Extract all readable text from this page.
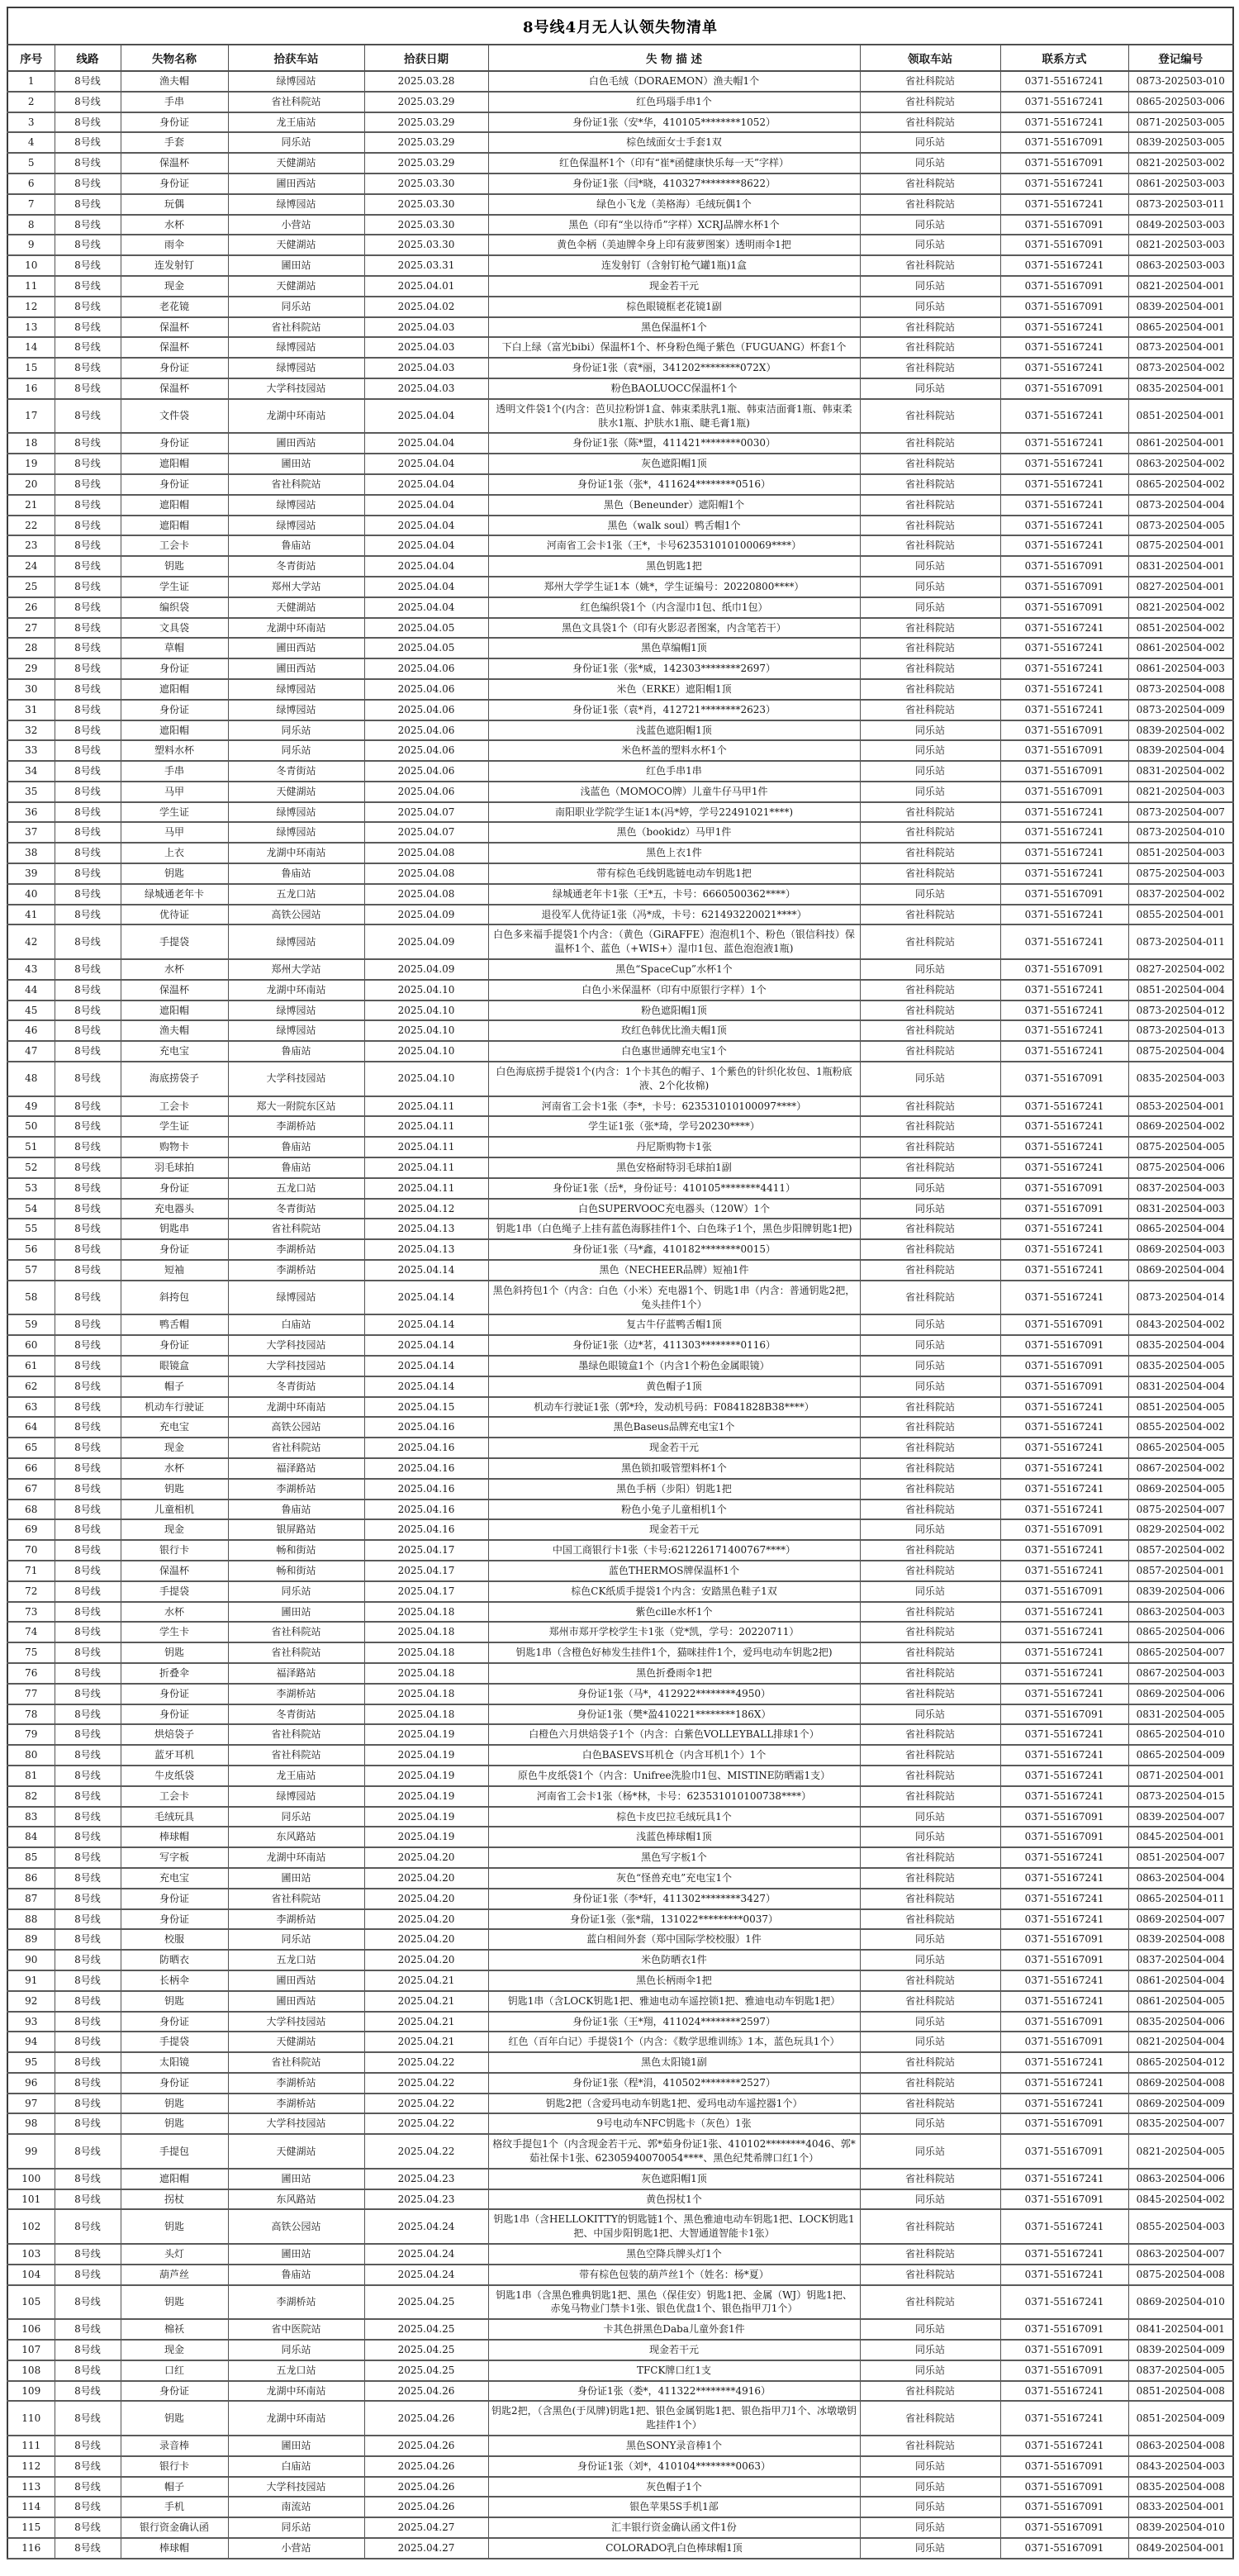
8号线4月无人认领失物清单
序号	线路	失物名称	拾获车站	拾获日期	失 物 描 述	领取车站	联系方式	登记编号
1	8号线	渔夫帽	绿博园站	2025.03.28	白色毛绒（DORAEMON）渔夫帽1个	省社科院站	0371-55167241	0873-202503-010
2	8号线	手串	省社科院站	2025.03.29	红色玛瑙手串1个	省社科院站	0371-55167241	0865-202503-006
3	8号线	身份证	龙王庙站	2025.03.29	身份证1张（安*华，410105********1052）	省社科院站	0371-55167241	0871-202503-005
4	8号线	手套	同乐站	2025.03.29	棕色绒面女士手套1双	同乐站	0371-55167091	0839-202503-005
5	8号线	保温杯	天健湖站	2025.03.29	红色保温杯1个（印有“崔*函健康快乐每一天”字样）	同乐站	0371-55167091	0821-202503-002
6	8号线	身份证	圃田西站	2025.03.30	身份证1张（闫*晓，410327********8622）	省社科院站	0371-55167241	0861-202503-003
7	8号线	玩偶	绿博园站	2025.03.30	绿色小飞龙（美格海）毛绒玩偶1个	省社科院站	0371-55167241	0873-202503-011
8	8号线	水杯	小营站	2025.03.30	黑色（印有“坐以待币”字样）XCRJ品牌水杯1个	同乐站	0371-55167091	0849-202503-003
9	8号线	雨伞	天健湖站	2025.03.30	黄色伞柄（美迪牌伞身上印有菠萝图案）透明雨伞1把	同乐站	0371-55167091	0821-202503-003
10	8号线	连发射钉	圃田站	2025.03.31	连发射钉（含射钉枪气罐1瓶)1盒	省社科院站	0371-55167241	0863-202503-003
11	8号线	现金	天健湖站	2025.04.01	现金若干元	同乐站	0371-55167091	0821-202504-001
12	8号线	老花镜	同乐站	2025.04.02	棕色眼镜框老花镜1副	同乐站	0371-55167091	0839-202504-001
13	8号线	保温杯	省社科院站	2025.04.03	黑色保温杯1个	省社科院站	0371-55167241	0865-202504-001
14	8号线	保温杯	绿博园站	2025.04.03	下白上绿（富光bibi）保温杯1个、杯身粉色绳子紫色（FUGUANG）杯套1个	省社科院站	0371-55167241	0873-202504-001
15	8号线	身份证	绿博园站	2025.04.03	身份证1张（袁*丽，341202********072X）	省社科院站	0371-55167241	0873-202504-002
16	8号线	保温杯	大学科技园站	2025.04.03	粉色BAOLUOCC保温杯1个	同乐站	0371-55167091	0835-202504-001
17	8号线	文件袋	龙湖中环南站	2025.04.04	透明文件袋1个(内含：芭贝拉粉饼1盒、韩束柔肤乳1瓶、韩束洁面膏1瓶、韩束柔肤水1瓶、护肤水1瓶、睫毛膏1瓶)	省社科院站	0371-55167241	0851-202504-001
18	8号线	身份证	圃田西站	2025.04.04	身份证1张（陈*盟，411421********0030）	省社科院站	0371-55167241	0861-202504-001
19	8号线	遮阳帽	圃田站	2025.04.04	灰色遮阳帽1顶	省社科院站	0371-55167241	0863-202504-002
20	8号线	身份证	省社科院站	2025.04.04	身份证1张（张*，411624********0516）	省社科院站	0371-55167241	0865-202504-002
21	8号线	遮阳帽	绿博园站	2025.04.04	黑色（Beneunder）遮阳帽1个	省社科院站	0371-55167241	0873-202504-004
22	8号线	遮阳帽	绿博园站	2025.04.04	黑色（walk soul）鸭舌帽1个	省社科院站	0371-55167241	0873-202504-005
23	8号线	工会卡	鲁庙站	2025.04.04	河南省工会卡1张（王*，卡号623531010100069****）	省社科院站	0371-55167241	0875-202504-001
24	8号线	钥匙	冬青街站	2025.04.04	黑色钥匙1把	同乐站	0371-55167091	0831-202504-001
25	8号线	学生证	郑州大学站	2025.04.04	郑州大学学生证1本（姚*，学生证编号：20220800****）	同乐站	0371-55167091	0827-202504-001
26	8号线	编织袋	天健湖站	2025.04.04	红色编织袋1个（内含湿巾1包、纸巾1包）	同乐站	0371-55167091	0821-202504-002
27	8号线	文具袋	龙湖中环南站	2025.04.05	黑色文具袋1个（印有火影忍者图案，内含笔若干）	省社科院站	0371-55167241	0851-202504-002
28	8号线	草帽	圃田西站	2025.04.05	黑色草编帽1顶	省社科院站	0371-55167241	0861-202504-002
29	8号线	身份证	圃田西站	2025.04.06	身份证1张（张*威，142303********2697）	省社科院站	0371-55167241	0861-202504-003
30	8号线	遮阳帽	绿博园站	2025.04.06	米色（ERKE）遮阳帽1顶	省社科院站	0371-55167241	0873-202504-008
31	8号线	身份证	绿博园站	2025.04.06	身份证1张（袁*肖，412721********2623）	省社科院站	0371-55167241	0873-202504-009
32	8号线	遮阳帽	同乐站	2025.04.06	浅蓝色遮阳帽1顶	同乐站	0371-55167091	0839-202504-002
33	8号线	塑料水杯	同乐站	2025.04.06	米色杯盖的塑料水杯1个	同乐站	0371-55167091	0839-202504-004
34	8号线	手串	冬青街站	2025.04.06	红色手串1串	同乐站	0371-55167091	0831-202504-002
35	8号线	马甲	天健湖站	2025.04.06	浅蓝色（MOMOCO牌）儿童牛仔马甲1件	同乐站	0371-55167091	0821-202504-003
36	8号线	学生证	绿博园站	2025.04.07	南阳职业学院学生证1本(冯*婷，学号22491021****)	省社科院站	0371-55167241	0873-202504-007
37	8号线	马甲	绿博园站	2025.04.07	黑色（bookidz）马甲1件	省社科院站	0371-55167241	0873-202504-010
38	8号线	上衣	龙湖中环南站	2025.04.08	黑色上衣1件	省社科院站	0371-55167241	0851-202504-003
39	8号线	钥匙	鲁庙站	2025.04.08	带有棕色毛线钥匙链电动车钥匙1把	省社科院站	0371-55167241	0875-202504-003
40	8号线	绿城通老年卡	五龙口站	2025.04.08	绿城通老年卡1张（王*五，卡号：6660500362****）	同乐站	0371-55167091	0837-202504-002
41	8号线	优待证	高铁公园站	2025.04.09	退役军人优待证1张（冯*成，卡号：621493220021****）	省社科院站	0371-55167241	0855-202504-001
42	8号线	手提袋	绿博园站	2025.04.09	白色多来福手提袋1个内含：（黄色（GiRAFFE）泡泡机1个、粉色（银信科技）保温杯1个、蓝色（+WIS+）湿巾1包、蓝色泡泡液1瓶)	省社科院站	0371-55167241	0873-202504-011
43	8号线	水杯	郑州大学站	2025.04.09	黑色“SpaceCup”水杯1个	同乐站	0371-55167091	0827-202504-002
44	8号线	保温杯	龙湖中环南站	2025.04.10	白色小米保温杯（印有中原银行字样）1个	省社科院站	0371-55167241	0851-202504-004
45	8号线	遮阳帽	绿博园站	2025.04.10	粉色遮阳帽1顶	省社科院站	0371-55167241	0873-202504-012
46	8号线	渔夫帽	绿博园站	2025.04.10	玫红色韩优比渔夫帽1顶	省社科院站	0371-55167241	0873-202504-013
47	8号线	充电宝	鲁庙站	2025.04.10	白色惠世通牌充电宝1个	省社科院站	0371-55167241	0875-202504-004
48	8号线	海底捞袋子	大学科技园站	2025.04.10	白色海底捞手提袋1个(内含：1个卡其色的帽子、1个紫色的针织化妆包、1瓶粉底液、2个化妆棉)	同乐站	0371-55167091	0835-202504-003
49	8号线	工会卡	郑大一附院东区站	2025.04.11	河南省工会卡1张（李*，卡号：623531010100097****）	省社科院站	0371-55167241	0853-202504-001
50	8号线	学生证	李湖桥站	2025.04.11	学生证1张（张*琦，学号20230****）	省社科院站	0371-55167241	0869-202504-002
51	8号线	购物卡	鲁庙站	2025.04.11	丹尼斯购物卡1张	省社科院站	0371-55167241	0875-202504-005
52	8号线	羽毛球拍	鲁庙站	2025.04.11	黑色安格耐特羽毛球拍1副	省社科院站	0371-55167241	0875-202504-006
53	8号线	身份证	五龙口站	2025.04.11	身份证1张（岳*，身份证号：410105********4411）	同乐站	0371-55167091	0837-202504-003
54	8号线	充电器头	冬青街站	2025.04.12	白色SUPERVOOC充电器头（120W）1个	同乐站	0371-55167091	0831-202504-003
55	8号线	钥匙串	省社科院站	2025.04.13	钥匙1串（白色绳子上挂有蓝色海豚挂件1个、白色珠子1个，黑色步阳牌钥匙1把)	省社科院站	0371-55167241	0865-202504-004
56	8号线	身份证	李湖桥站	2025.04.13	身份证1张（马*鑫，410182********0015）	省社科院站	0371-55167241	0869-202504-003
57	8号线	短袖	李湖桥站	2025.04.14	黑色（NECHEER品牌）短袖1件	省社科院站	0371-55167241	0869-202504-004
58	8号线	斜挎包	绿博园站	2025.04.14	黑色斜挎包1个（内含：白色（小米）充电器1个、钥匙1串（内含：普通钥匙2把，兔头挂件1个）	省社科院站	0371-55167241	0873-202504-014
59	8号线	鸭舌帽	白庙站	2025.04.14	复古牛仔蓝鸭舌帽1顶	同乐站	0371-55167091	0843-202504-002
60	8号线	身份证	大学科技园站	2025.04.14	身份证1张（边*茗，411303********0116）	同乐站	0371-55167091	0835-202504-004
61	8号线	眼镜盒	大学科技园站	2025.04.14	墨绿色眼镜盒1个（内含1个粉色金属眼镜）	同乐站	0371-55167091	0835-202504-005
62	8号线	帽子	冬青街站	2025.04.14	黄色帽子1顶	同乐站	0371-55167091	0831-202504-004
63	8号线	机动车行驶证	龙湖中环南站	2025.04.15	机动车行驶证1张（郭*玲，发动机号码：F0841828B38****）	省社科院站	0371-55167241	0851-202504-005
64	8号线	充电宝	高铁公园站	2025.04.16	黑色Baseus品牌充电宝1个	省社科院站	0371-55167241	0855-202504-002
65	8号线	现金	省社科院站	2025.04.16	现金若干元	省社科院站	0371-55167241	0865-202504-005
66	8号线	水杯	福泽路站	2025.04.16	黑色锁扣吸管塑料杯1个	省社科院站	0371-55167241	0867-202504-002
67	8号线	钥匙	李湖桥站	2025.04.16	黑色手柄（步阳）钥匙1把	省社科院站	0371-55167241	0869-202504-005
68	8号线	儿童相机	鲁庙站	2025.04.16	粉色小兔子儿童相机1个	省社科院站	0371-55167241	0875-202504-007
69	8号线	现金	银屏路站	2025.04.16	现金若干元	同乐站	0371-55167091	0829-202504-002
70	8号线	银行卡	畅和街站	2025.04.17	中国工商银行卡1张（卡号:621226171400767****）	省社科院站	0371-55167241	0857-202504-002
71	8号线	保温杯	畅和街站	2025.04.17	蓝色THERMOS牌保温杯1个	省社科院站	0371-55167241	0857-202504-001
72	8号线	手提袋	同乐站	2025.04.17	棕色CK纸质手提袋1个内含：安踏黑色鞋子1双	同乐站	0371-55167091	0839-202504-006
73	8号线	水杯	圃田站	2025.04.18	紫色cille水杯1个	省社科院站	0371-55167241	0863-202504-003
74	8号线	学生卡	省社科院站	2025.04.18	郑州市郑开学校学生卡1张（党*凯，学号：20220711）	省社科院站	0371-55167241	0865-202504-006
75	8号线	钥匙	省社科院站	2025.04.18	钥匙1串（含橙色好柿发生挂件1个，猫咪挂件1个，爱玛电动车钥匙2把)	省社科院站	0371-55167241	0865-202504-007
76	8号线	折叠伞	福泽路站	2025.04.18	黑色折叠雨伞1把	省社科院站	0371-55167241	0867-202504-003
77	8号线	身份证	李湖桥站	2025.04.18	身份证1张（马*，412922********4950）	省社科院站	0371-55167241	0869-202504-006
78	8号线	身份证	冬青街站	2025.04.18	身份证1张（樊*盈410221********186X）	同乐站	0371-55167091	0831-202504-005
79	8号线	烘焙袋子	省社科院站	2025.04.19	白橙色六月烘焙袋子1个（内含：白紫色VOLLEYBALL排球1个）	省社科院站	0371-55167241	0865-202504-010
80	8号线	蓝牙耳机	省社科院站	2025.04.19	白色BASEVS耳机仓（内含耳机1个）1个	省社科院站	0371-55167241	0865-202504-009
81	8号线	牛皮纸袋	龙王庙站	2025.04.19	原色牛皮纸袋1个（内含：Unifree洗脸巾1包、MISTINE防晒霜1支）	省社科院站	0371-55167241	0871-202504-001
82	8号线	工会卡	绿博园站	2025.04.19	河南省工会卡1张（杨*林，卡号：623531010100738****）	省社科院站	0371-55167241	0873-202504-015
83	8号线	毛绒玩具	同乐站	2025.04.19	棕色卡皮巴拉毛绒玩具1个	同乐站	0371-55167091	0839-202504-007
84	8号线	棒球帽	东风路站	2025.04.19	浅蓝色棒球帽1顶	同乐站	0371-55167091	0845-202504-001
85	8号线	写字板	龙湖中环南站	2025.04.20	黑色写字板1个	省社科院站	0371-55167241	0851-202504-007
86	8号线	充电宝	圃田站	2025.04.20	灰色“怪兽充电”充电宝1个	省社科院站	0371-55167241	0863-202504-004
87	8号线	身份证	省社科院站	2025.04.20	身份证1张（李*轩，411302********3427）	省社科院站	0371-55167241	0865-202504-011
88	8号线	身份证	李湖桥站	2025.04.20	身份证1张（张*瑞，131022*********0037）	省社科院站	0371-55167241	0869-202504-007
89	8号线	校服	同乐站	2025.04.20	蓝白相间外套（郑中国际学校校服）1件	同乐站	0371-55167091	0839-202504-008
90	8号线	防晒衣	五龙口站	2025.04.20	米色防晒衣1件	同乐站	0371-55167091	0837-202504-004
91	8号线	长柄伞	圃田西站	2025.04.21	黑色长柄雨伞1把	省社科院站	0371-55167241	0861-202504-004
92	8号线	钥匙	圃田西站	2025.04.21	钥匙1串（含LOCK钥匙1把、雅迪电动车遥控锁1把、雅迪电动车钥匙1把）	省社科院站	0371-55167241	0861-202504-005
93	8号线	身份证	大学科技园站	2025.04.21	身份证1张（王*翔，411024********2597）	同乐站	0371-55167091	0835-202504-006
94	8号线	手提袋	天健湖站	2025.04.21	红色（百年白记）手提袋1个（内含：《数学思维训练》1本，蓝色玩具1个）	同乐站	0371-55167091	0821-202504-004
95	8号线	太阳镜	省社科院站	2025.04.22	黑色太阳镜1副	省社科院站	0371-55167241	0865-202504-012
96	8号线	身份证	李湖桥站	2025.04.22	身份证1张（程*涓，410502********2527）	省社科院站	0371-55167241	0869-202504-008
97	8号线	钥匙	李湖桥站	2025.04.22	钥匙2把（含爱玛电动车钥匙1把、爱玛电动车遥控器1个）	省社科院站	0371-55167241	0869-202504-009
98	8号线	钥匙	大学科技园站	2025.04.22	9号电动车NFC钥匙卡（灰色）1张	同乐站	0371-55167091	0835-202504-007
99	8号线	手提包	天健湖站	2025.04.22	格纹手提包1个（内含现金若干元、郭*茹身份证1张、410102********4046、郭*茹社保卡1张、62305940070054****、黑色纪梵希牌口红1个）	同乐站	0371-55167091	0821-202504-005
100	8号线	遮阳帽	圃田站	2025.04.23	灰色遮阳帽1顶	省社科院站	0371-55167241	0863-202504-006
101	8号线	拐杖	东风路站	2025.04.23	黄色拐杖1个	同乐站	0371-55167091	0845-202504-002
102	8号线	钥匙	高铁公园站	2025.04.24	钥匙1串（含HELLOKITTY的钥匙链1个、黑色雅迪电动车钥匙1把、LOCK钥匙1把、中国步阳钥匙1把、大智通道智能卡1张）	省社科院站	0371-55167241	0855-202504-003
103	8号线	头灯	圃田站	2025.04.24	黑色空降兵牌头灯1个	省社科院站	0371-55167241	0863-202504-007
104	8号线	葫芦丝	鲁庙站	2025.04.24	带有棕色包装的葫芦丝1个（姓名：杨*夏）	省社科院站	0371-55167241	0875-202504-008
105	8号线	钥匙	李湖桥站	2025.04.25	钥匙1串（含黑色雅典钥匙1把、黑色（保佳安）钥匙1把、金属（WJ）钥匙1把、赤兔马物业门禁卡1张、银色优盘1个、银色指甲刀1个）	省社科院站	0371-55167241	0869-202504-010
106	8号线	棉袄	省中医院站	2025.04.25	卡其色拼黑色Daba儿童外套1件	同乐站	0371-55167091	0841-202504-001
107	8号线	现金	同乐站	2025.04.25	现金若干元	同乐站	0371-55167091	0839-202504-009
108	8号线	口红	五龙口站	2025.04.25	TFCK牌口红1支	同乐站	0371-55167091	0837-202504-005
109	8号线	身份证	龙湖中环南站	2025.04.26	身份证1张（娄*，411322********4916）	省社科院站	0371-55167241	0851-202504-008
110	8号线	钥匙	龙湖中环南站	2025.04.26	钥匙2把，（含黑色(于凤牌)钥匙1把、银色金属钥匙1把、银色指甲刀1个、冰墩墩钥匙挂件1个）	省社科院站	0371-55167241	0851-202504-009
111	8号线	录音棒	圃田站	2025.04.26	黑色SONY录音棒1个	省社科院站	0371-55167241	0863-202504-008
112	8号线	银行卡	白庙站	2025.04.26	身份证1张（刘*，410104********0063）	同乐站	0371-55167091	0843-202504-003
113	8号线	帽子	大学科技园站	2025.04.26	灰色帽子1个	同乐站	0371-55167091	0835-202504-008
114	8号线	手机	南流站	2025.04.26	银色苹果5S手机1部	同乐站	0371-55167091	0833-202504-001
115	8号线	银行资金确认函	同乐站	2025.04.27	汇丰银行资金确认函文件1份	同乐站	0371-55167091	0839-202504-010
116	8号线	棒球帽	小营站	2025.04.27	COLORADO乳白色棒球帽1顶	同乐站	0371-55167091	0849-202504-001
